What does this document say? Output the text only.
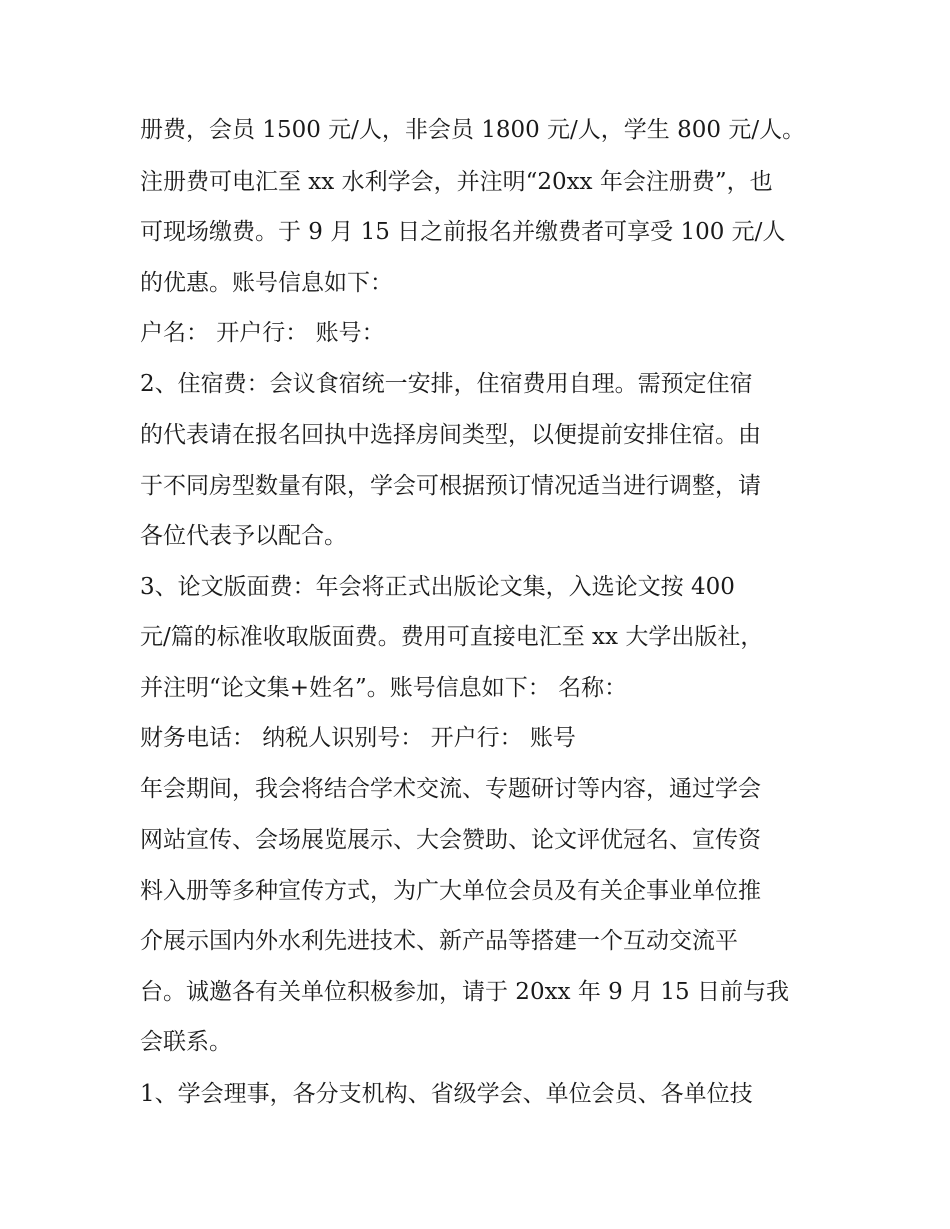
册费，会员 1500 元/人，非会员 1800 元/人，学生 800 元/人。

注册费可电汇至 xx 水利学会，并注明“20xx 年会注册费”，也

可现场缴费。于 9 月 15 日之前报名并缴费者可享受 100 元/人

的优惠。账号信息如下：

户名： 开户行： 账号：

2、住宿费：会议食宿统一安排，住宿费用自理。需预定住宿

的代表请在报名回执中选择房间类型，以便提前安排住宿。由

于不同房型数量有限，学会可根据预订情况适当进行调整，请

各位代表予以配合。

3、论文版面费：年会将正式出版论文集，入选论文按 400

元/篇的标准收取版面费。费用可直接电汇至 xx 大学出版社，

并注明“论文集+姓名”。账号信息如下： 名称：

财务电话： 纳税人识别号： 开户行： 账号

年会期间，我会将结合学术交流、专题研讨等内容，通过学会

网站宣传、会场展览展示、大会赞助、论文评优冠名、宣传资

料入册等多种宣传方式，为广大单位会员及有关企事业单位推

介展示国内外水利先进技术、新产品等搭建一个互动交流平

台。诚邀各有关单位积极参加，请于 20xx 年 9 月 15 日前与我

会联系。

1、学会理事，各分支机构、省级学会、单位会员、各单位技
